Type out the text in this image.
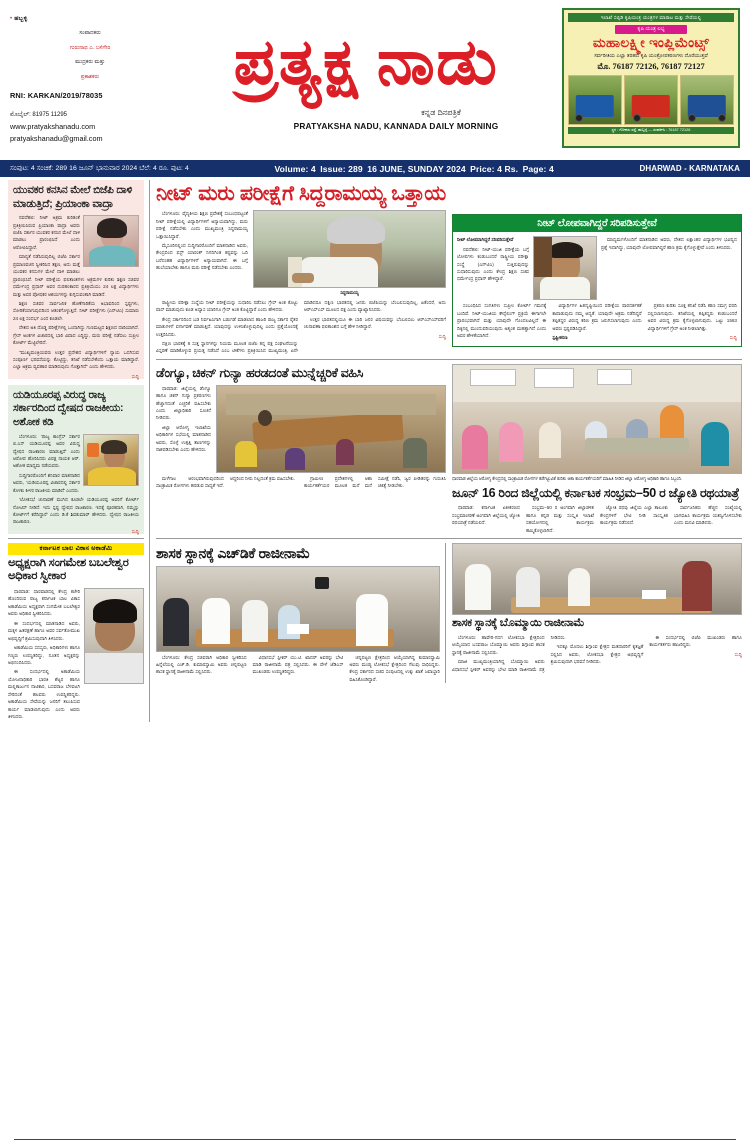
• ಹಬ್ಬಳ್ಳಿ
ಸಂಪಾದಕರು
ಗುರುನಾಥ ಎ. ಬಳಿಗೇರ
ಮುದ್ರಕರು ಮತ್ತು
ಪ್ರಕಾಶಕರು
RNI: KARKAN/2019/78035
ಮೊಬೈಲ್: 81975 11295
www.pratyakshanadu.com
pratyakshanadu@gmail.com
ಪ್ರತ್ಯಕ್ಷ ನಾಡು
ಕನ್ನಡ ದಿನಪತ್ರಿಕೆ
PRATYAKSHA NADU, KANNADA DAILY MORNING
ಇಲಾಖೆ ಸಬ್ಸಿಡಿ ಕೃಷಿಯಂತ್ರ ಯಂತ್ರಗಳ ಮಾರಾಟ ಮತ್ತು ಸೇವೆಯಲ್ಲಿ
ಕೃಷಿ ಯಂತ್ರ ಲಭ್ಯ
ಮಹಾಲಕ್ಷ್ಮೀ ಇಂಪ್ಲಿಮೆಂಟ್ಸ್
ಸರ್ವರೀತಿಯ ಎಲ್ಲಾ ತರಹದ ಕೃಷಿ ಯಂತ್ರೋಪಕರಣಗಳು ದೊರೆಯುತ್ತವೆ
ಮೊ. 76187 72126, 76187 72127
ಸ್ಥಳ : ಗೋಕುಲ ರಸ್ತೆ, ಹುಬ್ಬಳ್ಳಿ — ಸಂಪರ್ಕಿಸಿ : 76187 72126
ಸಂಪುಟ: 4 ಸಂಚಿಕೆ: 289 16 ಜೂನ್ ಭಾನುವಾರ 2024 ಬೆಲೆ: 4 ರೂ. ಪುಟ: 4	Volume: 4
Issue: 289
16 JUNE, SUNDAY 2024
Price: 4 Rs.
Page: 4	DHARWAD - KARNATAKA
ಯುವಕರ ಕನಸಿನ ಮೇಲೆ ಬಿಜೆಪಿ ದಾಳಿ ಮಾಡುತ್ತಿದೆ; ಪ್ರಿಯಾಂಕಾ ವಾದ್ರಾ

ನವದೆಹಲಿ: ನೀಟ್ ಅಕ್ರಮ ಕುರಿತಂತೆ ಪ್ರತಿಕ್ರಿಯಿಸಿರುವ ಪ್ರಿಯಾಂಕಾ ವಾದ್ರಾ ಅವರು ಬಿಜೆಪಿ ಸರ್ಕಾರ ಯುವಕರ ಕನಸಿನ ಮೇಲೆ ದಾಳಿ ಮಾಡಲು ಪ್ರಾರಂಭಿಸಿದೆ ಎಂದು ಆರೋಪಿಸಿದ್ದಾರೆ.

ಮಾನ್ಯತೆ ನಡೆಸಿರುವುದಿಲ್ಲ ಬಿಜೆಪಿ ಸರ್ಕಾರ ಪ್ರಮಾಣವಚನ ಸ್ವೀಕರಿಸಿದ ತಕ್ಷಣ, ಅದು ಮತ್ತೆ ಯುವಕರ ಕನಸುಗಳ ಮೇಲೆ ದಾಳಿ ಮಾಡಲು ಪ್ರಾರಂಭಿಸಿದೆ. ನೀಟ್ ಪರೀಕ್ಷೆಯ ಫಲಿತಾಂಶಗಳು ಅಕ್ರಮಗಳ ಕುರಿತು ಶಿಕ್ಷಣ ಸಚಿವರ ಧರ್ಮೇಂದ್ರ ಪ್ರಧಾನ್ ಅವರ ದುರಹಂಕಾರದ ಪ್ರತಿಕ್ರಿಯೆಯು 24 ಲಕ್ಷ ವಿದ್ಯಾರ್ಥಿಗಳು ಮತ್ತು ಅವರ ಪೋಷಕರ ಆಶಯಗಳನ್ನು ಕುಗ್ಗಿಸುವಂತಾಗಿ ಮಾಡಿದೆ.

ಶಿಕ್ಷಣ ಸಚಿವರ ಸಾರ್ವಜನಿಕ ಹೊಣೆಗಾರಿಕೆಯ ಅಭಾವದಿಂದ ಸ್ಪಷ್ಟಗಳು, ಸೋರಿಕೆಯಾಗುವುದರಿಂದ ಆತಂಕಗೊಳ್ಳುತ್ತಿದೆ. ನೀಟ್ ಪರೀಕ್ಷೆಗಳು (ಎನ್‌ಟಿಎ) ಸುಮಾರು 24 ಲಕ್ಷ ಸಂದರ್ಭ ಎಂದ ಕೂಡಲೇ.

ದೇಶದ ಅತಿ ದೊಡ್ಡ ಪರೀಕ್ಷೆಗಳಲ್ಲಿ ಒಂದಾಗಿದ್ದು ಗುಣಮಟ್ಟದ ಶಿಕ್ಷಣದ ದಾರಿಯಾಗಿದೆ. ಗ್ರೇಸ್ ಅಂಕಗಳ ವಿಚಾರದಲ್ಲಿ ಭಾರಿ ವಿವಾದ ಎದ್ದಿದ್ದು, ಮರು ಪರೀಕ್ಷೆ ನಡೆಸಲು ಸುಪ್ರೀಂ ಕೋರ್ಟ್ ಮೆಟ್ಟಿಲೇರಿದೆ.

"ಮುಖ್ಯಮಂತ್ರಿಯವರು ಉತ್ತರ ಪ್ರದೇಶದ ವಿದ್ಯಾರ್ಥಿಗಳಿಗೆ ನ್ಯಾಯ ಒದಗಿಸುವ ಸಂಪೂರ್ಣ ಭರವಸೆಯನ್ನು ಕೊಟ್ಟಿದ್ದು, ತನಿಖೆ ನಡೆಸಬೇಕೆಂದು ಒತ್ತಾಯ ಮಾಡಿದ್ದಾರೆ. ಎಲ್ಲಾ ಅಕ್ರಮ ವ್ಯವಹಾರ ಮಾಡಿರುವುದು ಗೊತ್ತಾಗಿದೆ" ಎಂದು ಹೇಳಿದರು.

ಸುದ್ದಿ
ಯಡಿಯೂರಪ್ಪ ವಿರುದ್ಧ ರಾಜ್ಯ ಸರ್ಕಾರದಿಂದ ದ್ವೇಷದ ರಾಜಕೀಯ: ಅಶೋಕ ಕಡಿ

ಬೆಂಗಳೂರು: 'ರಾಜ್ಯ ಕಾಂಗ್ರೆಸ್ ಸರ್ಕಾರ ಬಿ.ಎಸ್ ಯಡಿಯೂರಪ್ಪ ಅವರ ವಿರುದ್ಧ ದ್ವೇಷದ ರಾಜಕಾರಣ ಮಾಡುತ್ತಿದೆ' ಎಂದು ಆರೋಪ ಹೊರಿಸಿದರು ವಿಪಕ್ಷ ನಾಯಕ ಆರ್. ಅಶೋಕ ಮಾಧ್ಯಮ ನಡೆಯವರು.

ಸುದ್ದಿಗಾರರೊಂದಿಗೆ ಶನಿವಾರ ಮಾತನಾಡಿದ ಅವರು, 'ಯಡಿಯೂರಪ್ಪ ವಿಚಾರದಲ್ಲಿ ಸರ್ಕಾರ ಕೊಳಕು ಕೀಳರ ರಾಜಕೀಯ ಮಾಡಿದೆ' ಎಂದರು.

'ಲೋಕಸಭೆ ಚುನಾವಣೆ ಮುಗಿದ ಕೂಡಲೇ ಯಡಿಯೂರಪ್ಪ ಅವರಿಗೆ ಕೋರ್ಟ್ ನೋಟಿಸ್ ನೀಡಿದೆ. ಇದು ಸ್ಪಷ್ಟ ದ್ವೇಷದ ರಾಜಕಾರಣ. ಇದಕ್ಕೆ ಪೂರಕವಾಗಿ, ನಮ್ಮನ್ನು ಕೋರ್ಟ್‌ಗೆ ಕರೆದಿದ್ದಾರೆ' ಎಂದು ಡಿ.ಕೆ ಶಿವಕುಮಾರ್ ಹೇಳಿದರು. ದ್ವೇಷದ ರಾಜಕೀಯ ರಾಜಕಾರಣ.

ಸುದ್ದಿ
ಕರ್ನಾಟಕ ಬಾಲ ವಿಕಾಸ ಅಕಾಡೆಮಿ
ಅಧ್ಯಕ್ಷರಾಗಿ ಸಂಗಮೇಶ ಬಬಲೇಶ್ವರ ಅಧಿಕಾರ ಸ್ವೀಕಾರ

ಧಾರವಾಡ: ಧಾರವಾಡದಲ್ಲಿ ಕೇಂದ್ರ ಕಚೇರಿ ಹೊಂದಿರುವ ರಾಜ್ಯ ಕರ್ನಾಟಕ ಬಾಲ ವಿಕಾಸ ಅಕಾಡೆಮಿಯ ಅಧ್ಯಕ್ಷರಾಗಿ ಸಂಗಮೇಶ ಬಬಲೇಶ್ವರ ಅವರು ಅಧಿಕಾರ ಸ್ವೀಕರಿಸಿದರು.

ಈ ಸಂದರ್ಭದಲ್ಲಿ ಮಾತನಾಡಿದ ಅವರು, ಮಕ್ಕಳ ಹಿತರಕ್ಷಣೆ ಹಾಗೂ ಅವರ ಸರ್ವತೋಮುಖ ಅಭಿವೃದ್ಧಿಗೆ ಶ್ರಮಿಸುವುದಾಗಿ ತಿಳಿಸಿದರು.

ಅಕಾಡೆಮಿಯ ಸದಸ್ಯರು, ಅಧಿಕಾರಿಗಳು ಹಾಗೂ ಗಣ್ಯರು ಉಪಸ್ಥಿತರಿದ್ದು, ನೂತನ ಅಧ್ಯಕ್ಷರನ್ನು ಅಭಿನಂದಿಸಿದರು.

ಈ ಸಂದರ್ಭದಲ್ಲಿ ಅಕಾಡೆಮಿಯ ಯೋಜನಾಧಿಕಾರಿ ಭಾರತಿ ಶೆಟ್ಟರ ಹಾಗೂ ಮಲ್ಲಿಕಾರ್ಜುನ ನಾಟಿಕಾರ, ಬಸವರಾಜ ಬೆಳವಟಗಿ ಸೇರಿದಂತೆ ಹಲವರು ಉಪಸ್ಥಿತರಿದ್ದರು. ಅಕಾಡೆಮಿಯ ಸೇವೆಯನ್ನು ಜನರಿಗೆ ತಲುಪಿಸುವ ಕಾರ್ಯ ಮಾಡಲಾಗುವುದು ಎಂದು ಅವರು ತಿಳಿಸಿದರು.

ನೀಟ್ ಮರು ಪರೀಕ್ಷೆಗೆ ಸಿದ್ದರಾಮಯ್ಯ ಒತ್ತಾಯ

ಬೆಂಗಳೂರು: ವೈದ್ಯಕೀಯ ಶಿಕ್ಷಣ ಪ್ರವೇಶಕ್ಕೆ ಸಂಬಂಧಪಟ್ಟಂತೆ ನೀಟ್ ಪರೀಕ್ಷೆಯಲ್ಲಿ ವಿದ್ಯಾರ್ಥಿಗಳಿಗೆ ಅನ್ಯಾಯವಾಗಿದ್ದು, ಮರು ಪರೀಕ್ಷೆ ನಡೆಸಬೇಕು ಎಂದು ಮುಖ್ಯಮಂತ್ರಿ ಸಿದ್ದರಾಮಯ್ಯ ಒತ್ತಾಯಿಸಿದ್ದಾರೆ.

ಮೈಸೂರಿನಲ್ಲಿಂದ ಸುದ್ದಿಗಾರರೊಂದಿಗೆ ಮಾತನಾಡಿದ ಅವರು, ಕೇಂದ್ರದಿಂದ ಫಸ್ಟ್ ಯಾರಂತ್ ನಿಗದಿಗಿಂತ ಕಷ್ಟವನ್ನು ಒದಿ ಬರೆದಂತಹ ವಿದ್ಯಾರ್ಥಿಗಳಿಗೆ ಅನ್ಯಾಯವಾಗಿದೆ. ಈ ಬಗ್ಗೆ ಹುಬೆಯಾಬೇಕು ಹಾಗೂ ಮರು ಪರೀಕ್ಷೆ ನಡೆಸಬೇಕು ಎಂದರು.

ಸಿದ್ದರಾಮಯ್ಯ

ರಾಷ್ಟ್ರೀಯ ಪರೀಕ್ಷಾ ಸಂಸ್ಥೆಯ ನೀಟ್ ಪರೀಕ್ಷೆಯನ್ನು ಸುಧಾರಿಸಿ ನಡೆಸಲು ಗ್ರೇಸ್ ಅಂಕ ಕೊಟ್ಟು ಪಾಸ್ ಮಾಡುವುದು ಕೂಡ ಅಧ್ಯಾಸ ಯಾರಿಗೂ ಗ್ರೇಸ್ ಅಂಕ ಕೊಟ್ಟಿದ್ದಾರೆ ಎಂದು ಹೇಳಿದರು.

ಕೇಂದ್ರ ಸರ್ಕಾರದಿಂದ ಬಡ ನಿರ್ವಹಿಸಿಗಾಗಿ ಬಡುಗಡೆ ಮಾಡಲಾದ ಹಾಜರಿ ರಾಜ್ಯ ಸರ್ಕಾರ ರೈತರ ಮಾತುಗಳಿಗೆ ವರ್ಗಾವಣೆ ಮಾಡುತ್ತಿದೆ. ಯಾವುದನ್ನು ಉಳಿಸಿಕೊಳ್ಳುವುದಿಲ್ಲ ಎಂದು ಪ್ರಶ್ನೆಯೊಂದಕ್ಕೆ ಉತ್ತರಿಸಿದರು.

ದಕ್ಷಿಣ ಭಾರತಕ್ಕೆ 8 ಸುತ್ತ ಸ್ಥಾನಗಳನ್ನು ನಿಯಮ ಮೂಲಕ ಬಿಜೆಪಿ ತನ್ನ ಪಕ್ಷ ಸಂಘಟನೆಯನ್ನು ವಿಸ್ತರಣೆ ಮಾಡಿಕೊಳ್ಳುವ ಪ್ರಯತ್ನ ನಡೆಸಿದೆ ಎಂಬ ಟೀಕೆಗಳು ಪ್ರತಿಕ್ರಿಯಿಸಿದ ಮುಖ್ಯಮಂತ್ರಿ, ಏನೇ ಮಾಡಿದರೂ ದಕ್ಷಿಣ ಭಾರತದಲ್ಲಿ ಜನರು ಬಿಜೆಪಿಯನ್ನು ಬೆಂಬಲಿಸುವುದಿಲ್ಲ, ಏಕೆಂದರೆ, ಅದು ಆರ್‌ಎಸ್‌ಎಸ್ ಮೂಲದ ಪಕ್ಷ ಎಂದು ವ್ಯಾಖ್ಯಾನಿಸಿದರು.

ಉತ್ತರ ಭಾರತದಲ್ಲಿಯೂ ಈ ಬಾರಿ ಜನರ ವಿಷಯವನ್ನು ಬೆಂಬಲಿಸಲು ಆರ್‌ಎಸ್‌ಎಸ್‌ವರಿಗೆ ಚುನಾವಣಾ ಫಲಿತಾಂಶದ ಬಗ್ಗೆ ಹೇಳಿ ನೀಡಿದ್ದಾರೆ.

ಸುದ್ದಿ
ನೀಟ್ ಲೋಪವಾಗಿದ್ದರೆ ಸರಿಪಡಿಸುತ್ತೇವೆ

ನೀಟ್ ಲೋಪವಾಗಿದ್ದರೆ ಸರಿಪಡಿಸುತ್ತೇವೆ

ನವದೆಹಲಿ: ನೀಟ್-ಯುಜಿ ಪರೀಕ್ಷೆಯ ಬಗ್ಗೆ ಲೋಪಗಳು ಕಂಡುಬಂದರೆ ರಾಷ್ಟ್ರೀಯ ಪರೀಕ್ಷಾ ಸಂಸ್ಥೆ (ಎನ್‌ಟಿಎ) ಸುತ್ತಿರುವುದನ್ನು ಸುಧಾರಿಸುವುದು ಎಂದು ಕೇಂದ್ರ ಶಿಕ್ಷಣ ಸಚಿವ ಧರ್ಮೇಂದ್ರ ಪ್ರಧಾನ್ ಹೇಳಿದ್ದಾರೆ.

ಮಾಧ್ಯಮಗಳೊಂದಿಗೆ ಮಾತನಾಡಿದ ಅವರು, ದೇಶದ ಲಕ್ಷಾಂತರ ವಿದ್ಯಾರ್ಥಿಗಳ ಭವಿಷ್ಯದ ಪ್ರಶ್ನೆ ಇದಾಗಿದ್ದು, ಯಾವುದೇ ಲೋಪವಾಗಿದ್ದರೆ ಕಠಿಣ ಕ್ರಮ ಕೈಗೊಳ್ಳುತ್ತೇವೆ ಎಂದು ತಿಳಿಸಿದರು.

ಸಂಬಂಧಿಸಿದ ಸಂಗತಿಗಳು ಸುಪ್ರೀಂ ಕೋರ್ಟ್ ಗಮನಕ್ಕೆ ಬಂದಿವೆ. ನೀಟ್-ಯುಜಿಯ ಕೌನ್ಸೆಲಿಂಗ್ ಪ್ರಕ್ರಿಯೆ ಈಗಾಗಲೇ ಪ್ರಾರಂಭವಾಗಿದೆ ಮತ್ತು ಯಾವುದೇ ಗೊಂದಲವಿಲ್ಲದೆ ಈ ದಿಕ್ಕಿನಲ್ಲಿ ಮುಂದುವರಿಯುವುದು ಅತ್ಯಂತ ಮಹತ್ವಾಗಿದೆ ಎಂದು ಅವರ ಹೇಳಿಕೆಯಾಗಿದೆ.

ವಿದ್ಯಾರ್ಥಿಗಳ ಹಿತದೃಷ್ಟಿಯಿಂದ ಪರೀಕ್ಷೆಯ ಪಾರದರ್ಶಕತೆ ಕಾಪಾಡುವುದು ನಮ್ಮ ಆದ್ಯತೆ. ಯಾವುದೇ ಅಕ್ರಮ ನಡೆದಿದ್ದರೆ ತಪ್ಪಿತಸ್ಥರ ವಿರುದ್ಧ ಕಠಿಣ ಕ್ರಮ ಜರುಗಿಸಲಾಗುವುದು ಎಂದು ಅವರು ಸ್ಪಷ್ಟಪಡಿಸಿದ್ದಾರೆ.

ಸ್ಪಷ್ಟೀಕರಣ

ಪ್ರಕರಣ ಕುರಿತು ಸೂಕ್ತ ತನಿಖೆ ನಡೆಸಿ ಕಠಿಣ ಸಮಗ್ರ ವರದಿ ಸಲ್ಲಿಸಲಾಗುವುದು. ತನಿಖೆಯಲ್ಲಿ ತಪ್ಪಿತಸ್ಥರು ಕಂಡುಬಂದರೆ ಅವರ ವಿರುದ್ಧ ಕ್ರಮ ಕೈಗೊಳ್ಳಲಾಗುವುದು. ಒಟ್ಟು 1563 ವಿದ್ಯಾರ್ಥಿಗಳಿಗೆ ಗ್ರೇಸ್ ಅಂಕ ನೀಡಲಾಗಿತ್ತು.

ಸುದ್ದಿ
ಡೆಂಗ್ಯೂ, ಚಿಕನ್ ಗುನ್ಯಾ ಹರಡದಂತೆ ಮುನ್ನೆಚ್ಚರಿಕೆ ವಹಿಸಿ

ಧಾರವಾಡ: ಜಿಲ್ಲೆಯಲ್ಲಿ ಡೆಂಗ್ಯೂ ಹಾಗೂ ಚಿಕನ್ ಗುನ್ಯಾ ಪ್ರಕರಣಗಳು ಹೆಚ್ಚಾಗದಂತೆ ಎಚ್ಚರಿಕೆ ವಹಿಸಬೇಕು ಎಂದು ಜಿಲ್ಲಾಧಿಕಾರಿ ಸೂಚನೆ ನೀಡಿದರು.

ಜಿಲ್ಲಾ ಆರೋಗ್ಯ ಇಲಾಖೆಯ ಅಧಿಕಾರಿಗಳ ಸಭೆಯಲ್ಲಿ ಮಾತನಾಡಿದ ಅವರು, ಸೊಳ್ಳೆ ಉತ್ಪತ್ತಿ ತಾಣಗಳನ್ನು ನಾಶಪಡಿಸಬೇಕು ಎಂದು ಹೇಳಿದರು.

ಮಳೆಗಾಲ ಆರಂಭವಾಗಿರುವುದರಿಂದ ಸಾಂಕ್ರಾಮಿಕ ರೋಗಗಳು ಹರಡುವ ಸಾಧ್ಯತೆ ಇದೆ. ಆದ್ದರಿಂದ ನೀರು ನಿಲ್ಲದಂತೆ ಕ್ರಮ ವಹಿಸಬೇಕು.	ಗ್ರಾಮೀಣ ಪ್ರದೇಶಗಳಲ್ಲಿ ಆಶಾ ಕಾರ್ಯಕರ್ತೆಯರ ಮೂಲಕ ಮನೆ ಮನೆ ಸಮೀಕ್ಷೆ ನಡೆಸಿ, ಜ್ವರ ಪೀಡಿತರನ್ನು ಗುರುತಿಸಿ ಚಿಕಿತ್ಸೆ ನೀಡಬೇಕು.

ಧಾರವಾಡ ಜಿಲ್ಲೆಯ ಆರೋಗ್ಯ ಕೇಂದ್ರದಲ್ಲಿ ಸಾಂಕ್ರಾಮಿಕ ರೋಗಗಳ ತಡೆಗಟ್ಟುವಿಕೆ ಕುರಿತು ಆಶಾ ಕಾರ್ಯಕರ್ತೆಯರಿಗೆ ಮಾಹಿತಿ ನೀಡಿದ ಜಿಲ್ಲಾ ಆರೋಗ್ಯ ಅಧಿಕಾರಿ ಹಾಗೂ ಸಿಬ್ಬಂದಿ.
ಜೂನ್ 16 ರಿಂದ ಜಿಲ್ಲೆಯಲ್ಲಿ ಕರ್ನಾಟಕ ಸಂಭ್ರಮ–50 ರ ಜ್ಯೋತಿ ರಥಯಾತ್ರೆ

ಧಾರವಾಡ: ಕರ್ನಾಟಕ ಏಕೀಕರಣದ ಸಂಭ್ರಮಾಚರಣೆ ಅಂಗವಾಗಿ ಜಿಲ್ಲೆಯಲ್ಲಿ ಜ್ಯೋತಿ ರಥಯಾತ್ರೆ ನಡೆಯಲಿದೆ.

ಸಂಭ್ರಮ–50 ರ ಅಂಗವಾಗಿ ಜಿಲ್ಲಾಡಳಿತ ಹಾಗೂ ಕನ್ನಡ ಮತ್ತು ಸಂಸ್ಕೃತಿ ಇಲಾಖೆ ಸಹಯೋಗದಲ್ಲಿ ಕಾರ್ಯಕ್ರಮ ಹಮ್ಮಿಕೊಳ್ಳಲಾಗಿದೆ.

ಜ್ಯೋತಿ ರಥವು ಜಿಲ್ಲೆಯ ಎಲ್ಲಾ ತಾಲೂಕು ಕೇಂದ್ರಗಳಿಗೆ ಭೇಟಿ ನೀಡಿ ಸಾಂಸ್ಕೃತಿಕ ಕಾರ್ಯಕ್ರಮ ನಡೆಸಲಿದೆ.

ಸಾರ್ವಜನಿಕರು ಹೆಚ್ಚಿನ ಸಂಖ್ಯೆಯಲ್ಲಿ ಭಾಗವಹಿಸಿ ಕಾರ್ಯಕ್ರಮ ಯಶಸ್ವಿಗೊಳಿಸಬೇಕು ಎಂದು ಮನವಿ ಮಾಡಿದರು.

ಶಾಸಕ ಸ್ಥಾನಕ್ಕೆ ಎಚ್‌ಡಿಕೆ ರಾಜೀನಾಮೆ

ಬೆಂಗಳೂರು: ಕೇಂದ್ರ ಸಚಿವರಾಗಿ ಅಧಿಕಾರ ಸ್ವೀಕರಿಸಿದ ಹಿನ್ನೆಲೆಯಲ್ಲಿ ಎಚ್.ಡಿ. ಕುಮಾರಸ್ವಾಮಿ ಅವರು ಚನ್ನಪಟ್ಟಣ ಶಾಸಕ ಸ್ಥಾನಕ್ಕೆ ರಾಜೀನಾಮೆ ಸಲ್ಲಿಸಿದರು.

ವಿಧಾನಸಭೆ ಸ್ಪೀಕರ್ ಯು.ಟಿ. ಖಾದರ್ ಅವರನ್ನು ಭೇಟಿ ಮಾಡಿ ರಾಜೀನಾಮೆ ಪತ್ರ ಸಲ್ಲಿಸಿದರು. ಈ ವೇಳೆ ಜೆಡಿಎಸ್ ಮುಖಂಡರು ಉಪಸ್ಥಿತರಿದ್ದರು.

ಚನ್ನಪಟ್ಟಣ ಕ್ಷೇತ್ರದಿಂದ ಆಯ್ಕೆಯಾಗಿದ್ದ ಕುಮಾರಸ್ವಾಮಿ ಅವರು ಮಂಡ್ಯ ಲೋಕಸಭೆ ಕ್ಷೇತ್ರದಿಂದ ಗೆಲುವು ಸಾಧಿಸಿದ್ದರು. ಕೇಂದ್ರ ಸರ್ಕಾರದ ಸಚಿವ ಸಂಪುಟದಲ್ಲಿ ಉಕ್ಕು ಖಾತೆ ಜವಾಬ್ದಾರಿ ವಹಿಸಿಕೊಂಡಿದ್ದಾರೆ.

ಶಾಸಕ ಸ್ಥಾನಕ್ಕೆ ಬೊಮ್ಮಾಯಿ ರಾಜೀನಾಮೆ

ಬೆಂಗಳೂರು: ಹಾವೇರಿ-ಗದಗ ಲೋಕಸಭಾ ಕ್ಷೇತ್ರದಿಂದ ಆಯ್ಕೆಯಾದ ಬಸವರಾಜ ಬೊಮ್ಮಾಯಿ ಅವರು ಶಿಗ್ಗಾಂವ ಶಾಸಕ ಸ್ಥಾನಕ್ಕೆ ರಾಜೀನಾಮೆ ಸಲ್ಲಿಸಿದರು.

ಮಾಜಿ ಮುಖ್ಯಮಂತ್ರಿಯಾಗಿದ್ದ ಬೊಮ್ಮಾಯಿ ಅವರು ವಿಧಾನಸಭೆ ಸ್ಪೀಕರ್ ಅವರನ್ನು ಭೇಟಿ ಮಾಡಿ ರಾಜೀನಾಮೆ ಪತ್ರ ನೀಡಿದರು.

ಇದಕ್ಕೂ ಮೊದಲು ಶಿಗ್ಗಾಂವ ಕ್ಷೇತ್ರದ ಮತದಾರರಿಗೆ ಕೃತಜ್ಞತೆ ಸಲ್ಲಿಸಿದ ಅವರು, ಲೋಕಸಭಾ ಕ್ಷೇತ್ರದ ಅಭಿವೃದ್ಧಿಗೆ ಶ್ರಮಿಸುವುದಾಗಿ ಭರವಸೆ ನೀಡಿದರು.

ಈ ಸಂದರ್ಭದಲ್ಲಿ ಬಿಜೆಪಿ ಮುಖಂಡರು ಹಾಗೂ ಕಾರ್ಯಕರ್ತರು ಹಾಜರಿದ್ದರು.

ಸುದ್ದಿ
